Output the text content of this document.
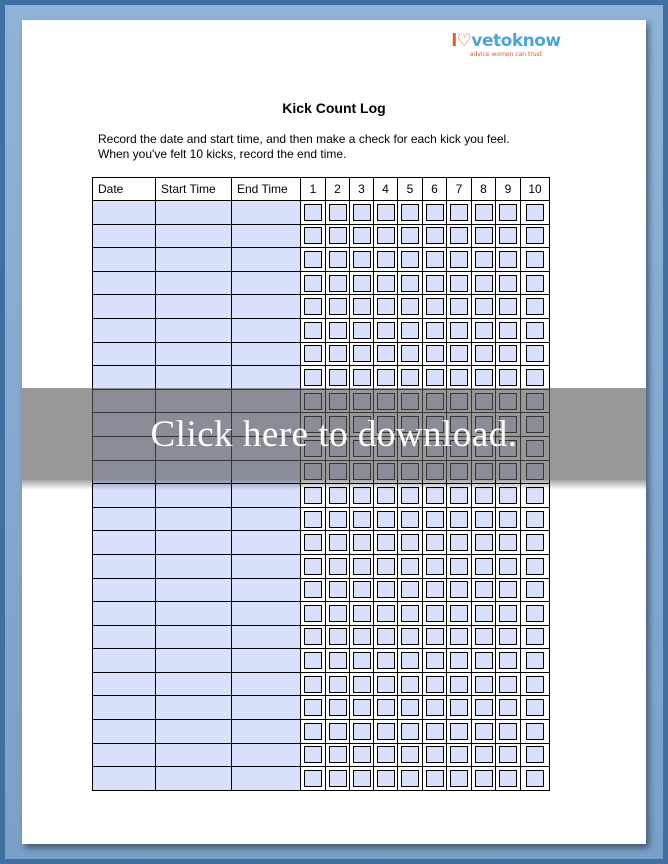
l♡vetoknow
advice women can trust
Kick Count Log
Record the date and start time, and then make a check for each kick you feel.
When you've felt 10 kicks, record the end time.
Date	Start Time	End Time	1	2	3	4	5	6	7	8	9	10

Click here to download.
